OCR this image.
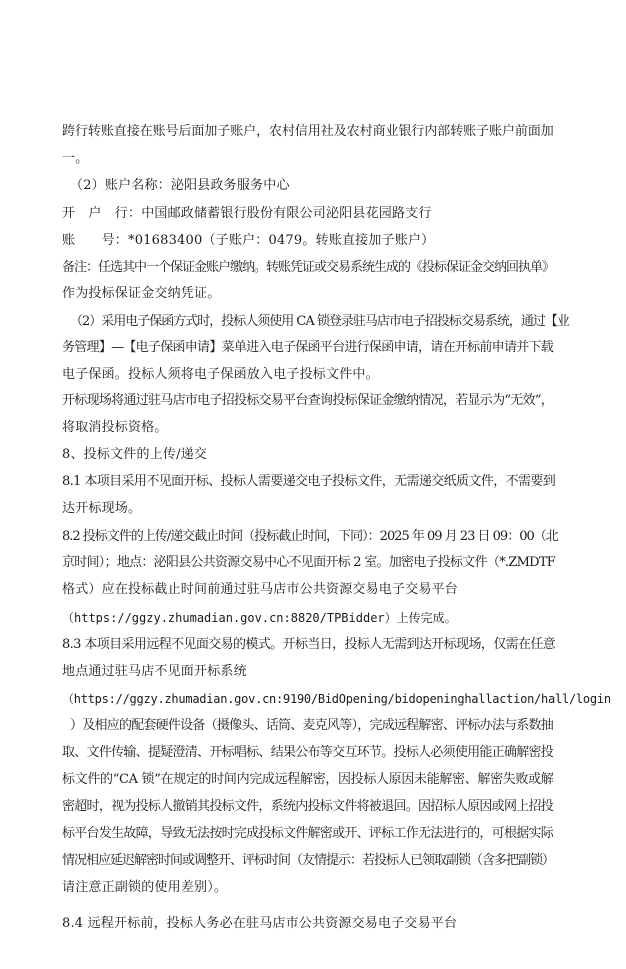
跨行转账直接在账号后面加子账户，农村信用社及农村商业银行内部转账子账户前面加
一。
（2）账户名称：泌阳县政务服务中心
开　户　行：中国邮政储蓄银行股份有限公司泌阳县花园路支行
账　　号：*01683400（子账户：0479。转账直接加子账户）
备注：任选其中一个保证金账户缴纳。转账凭证或交易系统生成的《投标保证金交纳回执单》
作为投标保证金交纳凭证。
（2）采用电子保函方式时，投标人须使用 CA 锁登录驻马店市电子招投标交易系统，通过【业
务管理】—【电子保函申请】菜单进入电子保函平台进行保函申请，请在开标前申请并下载
电子保函。投标人须将电子保函放入电子投标文件中。
开标现场将通过驻马店市电子招投标交易平台查询投标保证金缴纳情况，若显示为“无效”，
将取消投标资格。
8、投标文件的上传/递交
8.1 本项目采用不见面开标、投标人需要递交电子投标文件，无需递交纸质文件，不需要到
达开标现场。
8.2 投标文件的上传/递交截止时间（投标截止时间，下同）：2025 年 09 月 23 日 09：00（北
京时间）；地点：泌阳县公共资源交易中心不见面开标 2 室。加密电子投标文件（*.ZMDTF
格式）应在投标截止时间前通过驻马店市公共资源交易电子交易平台
（https://ggzy.zhumadian.gov.cn:8820/TPBidder）上传完成。
8.3 本项目采用远程不见面交易的模式。开标当日，投标人无需到达开标现场，仅需在任意
地点通过驻马店不见面开标系统
（https://ggzy.zhumadian.gov.cn:9190/BidOpening/bidopeninghallaction/hall/login
）及相应的配套硬件设备（摄像头、话筒、麦克风等），完成远程解密、评标办法与系数抽
取、文件传输、提疑澄清、开标唱标、结果公布等交互环节。投标人必须使用能正确解密投
标文件的“CA 锁”在规定的时间内完成远程解密，因投标人原因未能解密、解密失败或解
密超时，视为投标人撤销其投标文件，系统内投标文件将被退回。因招标人原因或网上招投
标平台发生故障，导致无法按时完成投标文件解密或开、评标工作无法进行的，可根据实际
情况相应延迟解密时间或调整开、评标时间（友情提示：若投标人已领取副锁（含多把副锁）
请注意正副锁的使用差别）。
8.4 远程开标前，投标人务必在驻马店市公共资源交易电子交易平台
